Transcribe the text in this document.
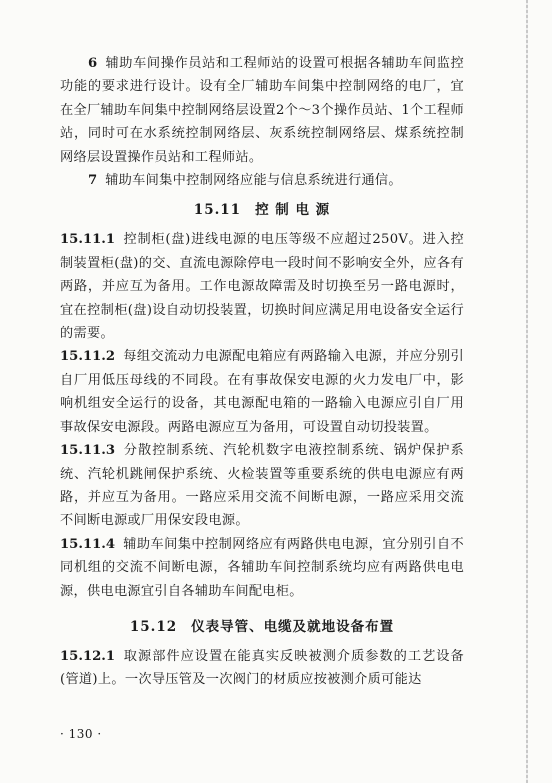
6 辅助车间操作员站和工程师站的设置可根据各辅助车间监控功能的要求进行设计。设有全厂辅助车间集中控制网络的电厂，宜在全厂辅助车间集中控制网络层设置2个～3个操作员站、1个工程师站，同时可在水系统控制网络层、灰系统控制网络层、煤系统控制网络层设置操作员站和工程师站。

7 辅助车间集中控制网络应能与信息系统进行通信。

15.11 控 制 电 源

15.11.1 控制柜(盘)进线电源的电压等级不应超过250V。进入控制装置柜(盘)的交、直流电源除停电一段时间不影响安全外，应各有两路，并应互为备用。工作电源故障需及时切换至另一路电源时，宜在控制柜(盘)设自动切投装置，切换时间应满足用电设备安全运行的需要。

15.11.2 每组交流动力电源配电箱应有两路输入电源，并应分别引自厂用低压母线的不同段。在有事故保安电源的火力发电厂中，影响机组安全运行的设备，其电源配电箱的一路输入电源应引自厂用事故保安电源段。两路电源应互为备用，可设置自动切投装置。

15.11.3 分散控制系统、汽轮机数字电液控制系统、锅炉保护系统、汽轮机跳闸保护系统、火检装置等重要系统的供电电源应有两路，并应互为备用。一路应采用交流不间断电源，一路应采用交流不间断电源或厂用保安段电源。

15.11.4 辅助车间集中控制网络应有两路供电电源，宜分别引自不同机组的交流不间断电源，各辅助车间控制系统均应有两路供电电源，供电电源宜引自各辅助车间配电柜。

15.12 仪表导管、电缆及就地设备布置

15.12.1 取源部件应设置在能真实反映被测介质参数的工艺设备(管道)上。一次导压管及一次阀门的材质应按被测介质可能达

· 130 ·
